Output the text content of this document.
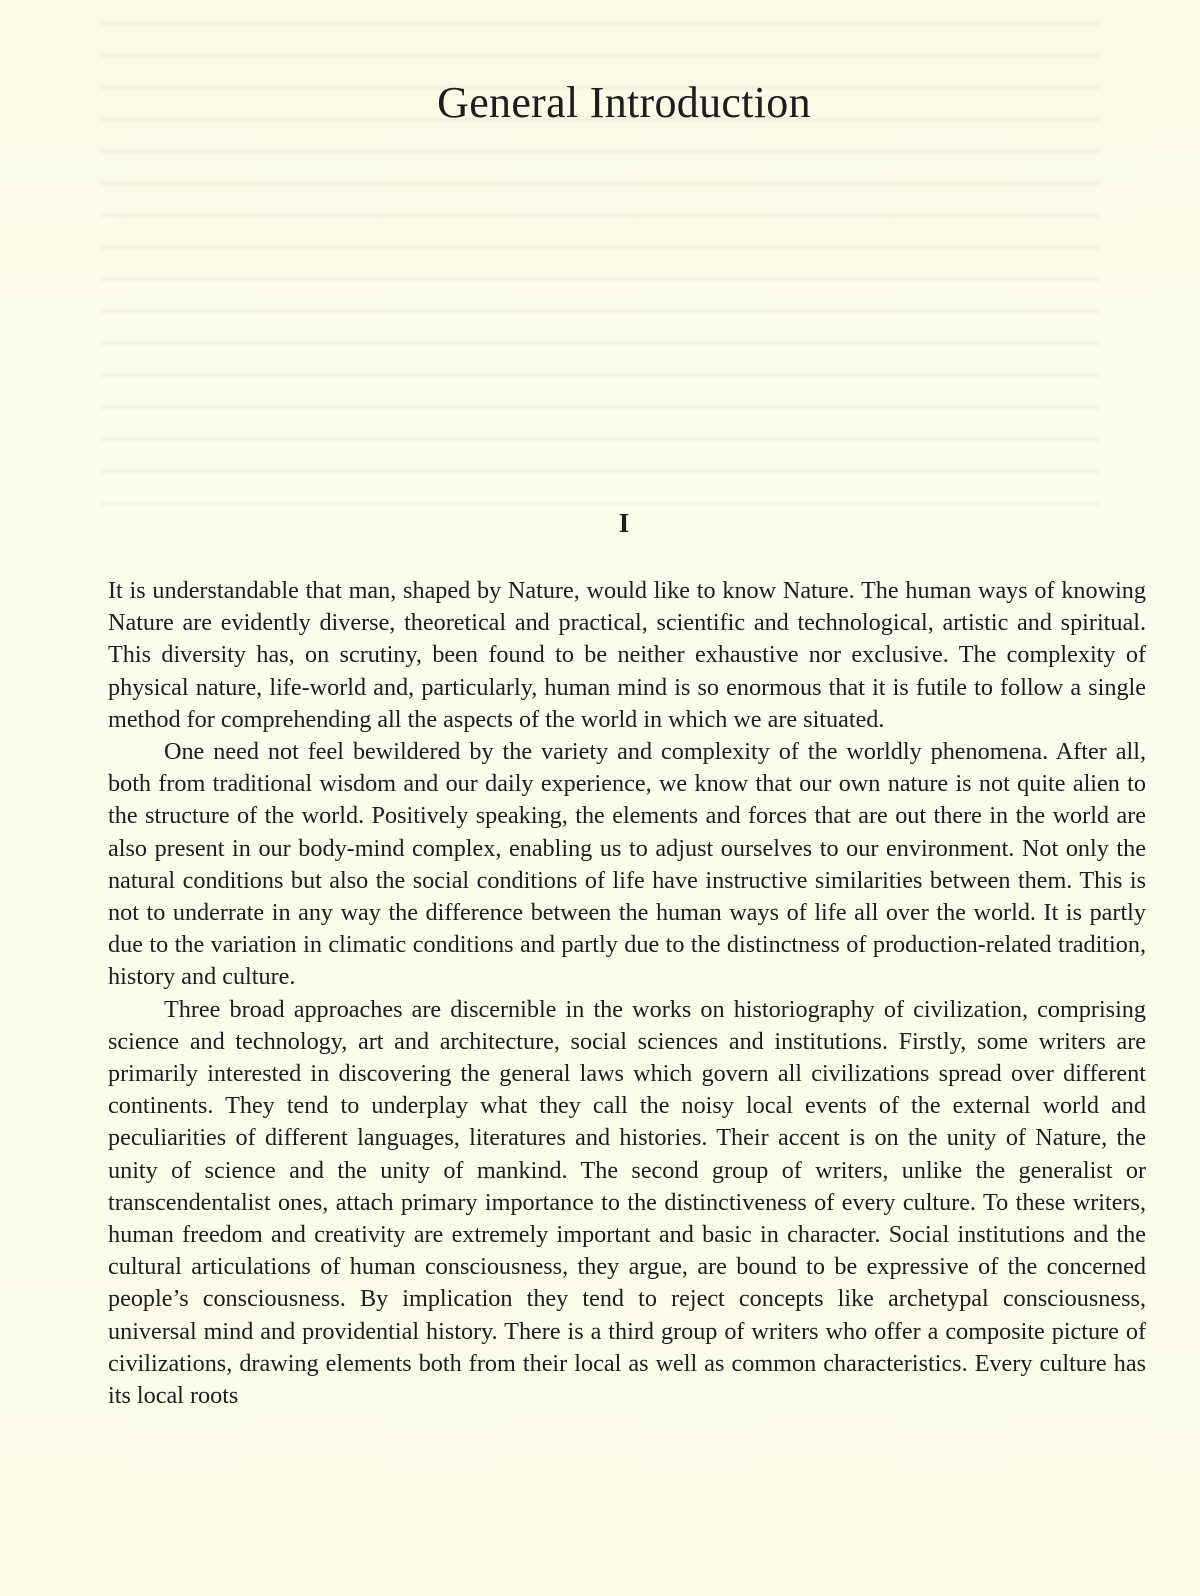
General Introduction
I

It is understandable that man, shaped by Nature, would like to know Nature. The human ways of knowing Nature are evidently diverse, theoretical and practical, scientific and technological, artistic and spiritual. This diversity has, on scrutiny, been found to be neither exhaustive nor exclusive. The complexity of physical nature, life-world and, particularly, human mind is so enormous that it is futile to follow a single method for comprehending all the aspects of the world in which we are situated.

One need not feel bewildered by the variety and complexity of the worldly phenomena. After all, both from traditional wisdom and our daily experience, we know that our own nature is not quite alien to the structure of the world. Positively speaking, the elements and forces that are out there in the world are also present in our body-mind complex, enabling us to adjust ourselves to our environment. Not only the natural conditions but also the social conditions of life have instructive similarities between them. This is not to underrate in any way the difference between the human ways of life all over the world. It is partly due to the variation in climatic conditions and partly due to the distinctness of production-related tradition, history and culture.

Three broad approaches are discernible in the works on historiography of civilization, comprising science and technology, art and architecture, social sciences and institutions. Firstly, some writers are primarily interested in discovering the general laws which govern all civilizations spread over different continents. They tend to underplay what they call the noisy local events of the external world and peculiarities of different languages, literatures and histories. Their accent is on the unity of Nature, the unity of science and the unity of mankind. The second group of writers, unlike the generalist or transcendentalist ones, attach primary importance to the distinctiveness of every culture. To these writers, human freedom and creativity are extremely important and basic in character. Social institutions and the cultural articulations of human consciousness, they argue, are bound to be expressive of the concerned people’s consciousness. By implication they tend to reject concepts like archetypal consciousness, universal mind and providential history. There is a third group of writers who offer a composite picture of civilizations, drawing elements both from their local as well as common characteristics. Every culture has its local roots
